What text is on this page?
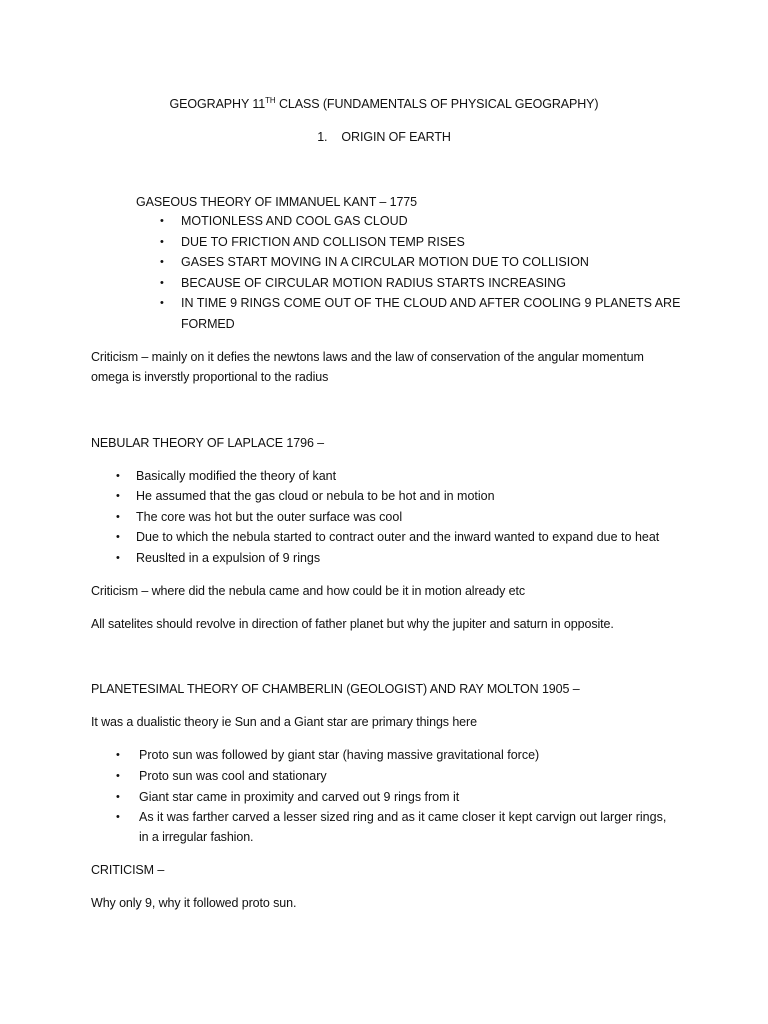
GEOGRAPHY 11TH CLASS (FUNDAMENTALS OF PHYSICAL GEOGRAPHY)
1. ORIGIN OF EARTH
GASEOUS THEORY OF IMMANUEL KANT – 1775
• MOTIONLESS AND COOL GAS CLOUD
• DUE TO FRICTION AND COLLISON TEMP RISES
• GASES START MOVING IN A CIRCULAR MOTION DUE TO COLLISION
• BECAUSE OF CIRCULAR MOTION RADIUS STARTS INCREASING
• IN TIME 9 RINGS COME OUT OF THE CLOUD AND AFTER COOLING 9 PLANETS ARE
FORMED
Criticism – mainly on it defies the newtons laws and the law of conservation of the angular momentum
omega is inverstly proportional to the radius
NEBULAR THEORY OF LAPLACE 1796 –
• Basically modified the theory of kant
• He assumed that the gas cloud or nebula to be hot and in motion
• The core was hot but the outer surface was cool
• Due to which the nebula started to contract outer and the inward wanted to expand due to heat
• Reuslted in a expulsion of 9 rings
Criticism – where did the nebula came and how could be it in motion already etc
All satelites should revolve in direction of father planet but why the jupiter and saturn in opposite.
PLANETESIMAL THEORY OF CHAMBERLIN (GEOLOGIST) AND RAY MOLTON 1905 –
It was a dualistic theory ie Sun and a Giant star are primary things here
• Proto sun was followed by giant star (having massive gravitational force)
• Proto sun was cool and stationary
• Giant star came in proximity and carved out 9 rings from it
• As it was farther carved a lesser sized ring and as it came closer it kept carvign out larger rings,
in a irregular fashion.
CRITICISM –
Why only 9, why it followed proto sun.
